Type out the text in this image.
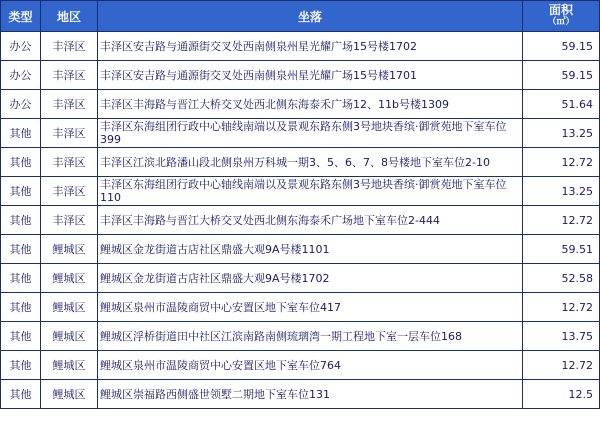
类型	地区	坐落	面积
（㎡）

办公	丰泽区	丰泽区安吉路与通源街交叉处西南侧泉州星光耀广场15号楼1702	59.15
办公	丰泽区	丰泽区安吉路与通源街交叉处西南侧泉州星光耀广场15号楼1701	59.15
办公	丰泽区	丰泽区丰海路与晋江大桥交叉处西北侧东海泰禾广场12、11b号楼1309	51.64
其他	丰泽区	丰泽区东海组团行政中心轴线南端以及景观东路东侧3号地块香缤·御赏苑地下室车位399	13.25
其他	丰泽区	丰泽区江滨北路潘山段北侧泉州万科城一期3、5、6、7、8号楼地下室车位2-10	12.72
其他	丰泽区	丰泽区东海组团行政中心轴线南端以及景观东路东侧3号地块香缤·御赏苑地下室车位110	13.25
其他	丰泽区	丰泽区丰海路与晋江大桥交叉处西北侧东海泰禾广场地下室车位2-444	12.72
其他	鲤城区	鲤城区金龙街道古店社区鼎盛大观9A号楼1101	59.51
其他	鲤城区	鲤城区金龙街道古店社区鼎盛大观9A号楼1702	52.58
其他	鲤城区	鲤城区泉州市温陵商贸中心安置区地下室车位417	12.72
其他	鲤城区	鲤城区浮桥街道田中社区江滨南路南侧琉璃湾一期工程地下室一层车位168	13.75
其他	鲤城区	鲤城区泉州市温陵商贸中心安置区地下室车位764	12.72
其他	鲤城区	鲤城区崇福路西侧盛世领墅二期地下室车位131	12.5
